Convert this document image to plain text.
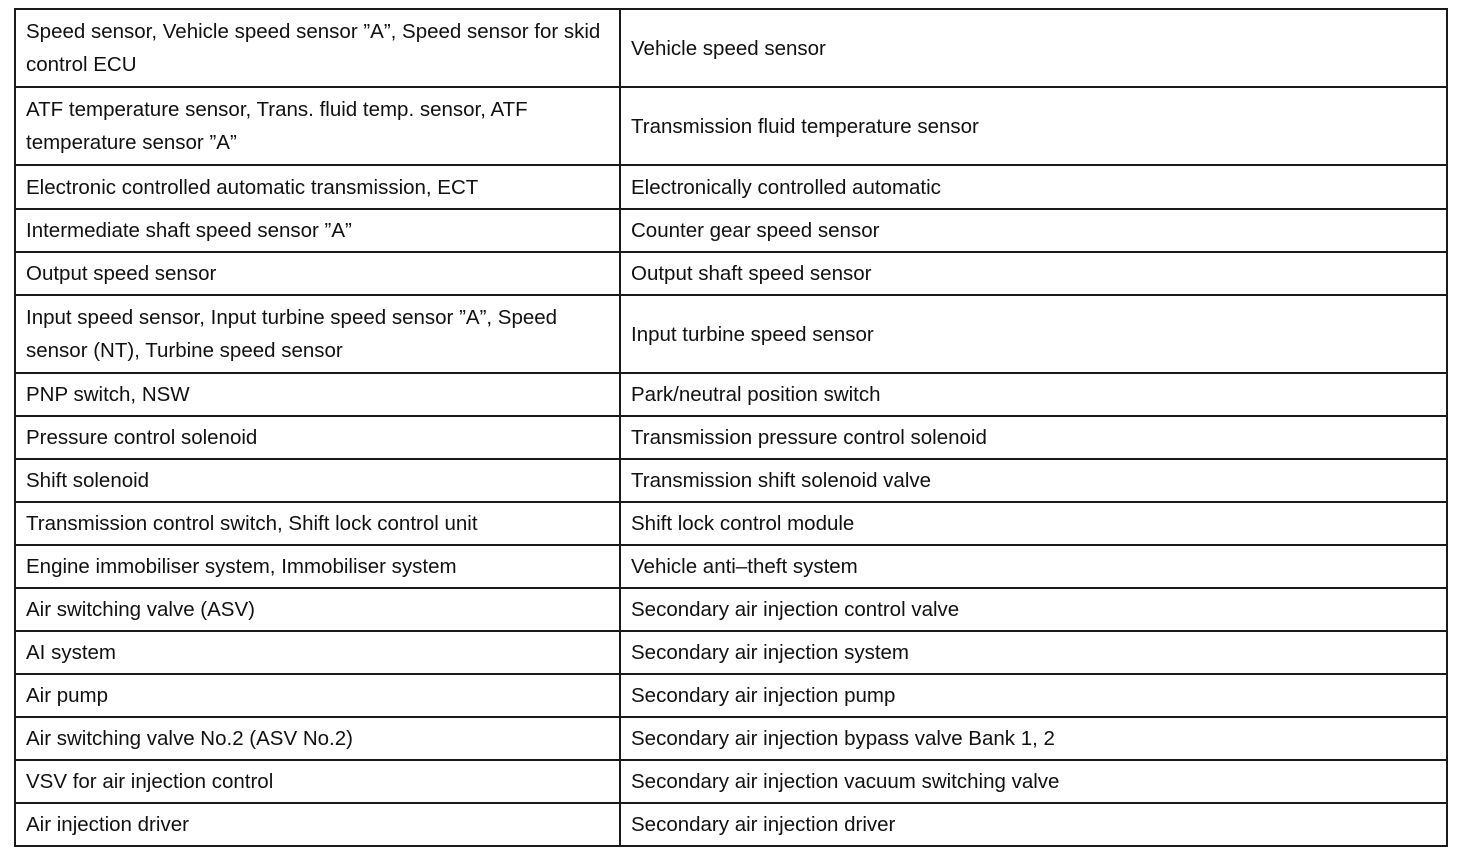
Speed sensor, Vehicle speed sensor ”A”, Speed sensor for skid control ECU	Vehicle speed sensor
ATF temperature sensor, Trans. fluid temp. sensor, ATF temperature sensor ”A”	Transmission fluid temperature sensor
Electronic controlled automatic transmission, ECT	Electronically controlled automatic
Intermediate shaft speed sensor ”A”	Counter gear speed sensor
Output speed sensor	Output shaft speed sensor
Input speed sensor, Input turbine speed sensor ”A”, Speed sensor (NT), Turbine speed sensor	Input turbine speed sensor
PNP switch, NSW	Park/neutral position switch
Pressure control solenoid	Transmission pressure control solenoid
Shift solenoid	Transmission shift solenoid valve
Transmission control switch, Shift lock control unit	Shift lock control module
Engine immobiliser system, Immobiliser system	Vehicle anti–theft system
Air switching valve (ASV)	Secondary air injection control valve
AI system	Secondary air injection system
Air pump	Secondary air injection pump
Air switching valve No.2 (ASV No.2)	Secondary air injection bypass valve Bank 1, 2
VSV for air injection control	Secondary air injection vacuum switching valve
Air injection driver	Secondary air injection driver
